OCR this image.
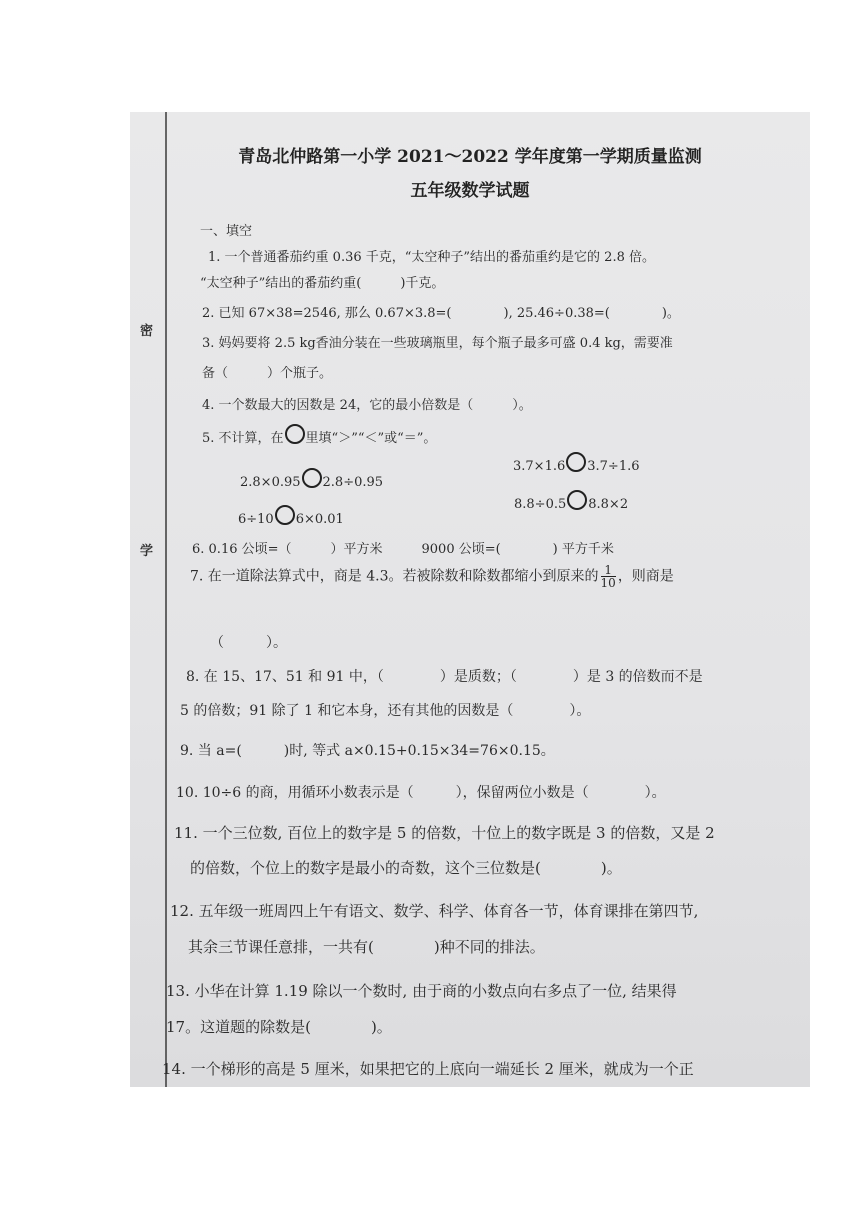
密
学
青岛北仲路第一小学 2021～2022 学年度第一学期质量监测
五年级数学试题
一、填空
1. 一个普通番茄约重 0.36 千克，“太空种子”结出的番茄重约是它的 2.8 倍。
“太空种子”结出的番茄约重(　　　)千克。
2. 已知 67×38=2546, 那么 0.67×3.8=(　　　　), 25.46÷0.38=(　　　　)。
3. 妈妈要将 2.5 kg香油分装在一些玻璃瓶里，每个瓶子最多可盛 0.4 kg，需要准
备（　　　）个瓶子。
4. 一个数最大的因数是 24，它的最小倍数是（　　　）。
5. 不计算，在 里填“＞”“＜”或“＝”。
2.8×0.95 2.8÷0.95
3.7×1.6 3.7÷1.6
6÷10 6×0.01
8.8÷0.5 8.8×2
6. 0.16 公顷=（　　　）平方米　　　9000 公顷=(　　　　) 平方千米
7. 在一道除法算式中，商是 4.3。若被除数和除数都缩小到原来的 $\frac{1}{10}$ ，则商是
（　　　）。
8. 在 15、17、51 和 91 中，（　　　　）是质数；（　　　　）是 3 的倍数而不是
5 的倍数；91 除了 1 和它本身，还有其他的因数是（　　　　）。
9. 当 a=(　　　)时, 等式 a×0.15+0.15×34=76×0.15。
10. 10÷6 的商，用循环小数表示是（　　　），保留两位小数是（　　　　）。
11. 一个三位数, 百位上的数字是 5 的倍数，十位上的数字既是 3 的倍数，又是 2
的倍数，个位上的数字是最小的奇数，这个三位数是(　　　　)。
12. 五年级一班周四上午有语文、数学、科学、体育各一节，体育课排在第四节,
其余三节课任意排，一共有(　　　　)种不同的排法。
13. 小华在计算 1.19 除以一个数时, 由于商的小数点向右多点了一位, 结果得
17。这道题的除数是(　　　　)。
14. 一个梯形的高是 5 厘米，如果把它的上底向一端延长 2 厘米，就成为一个正
